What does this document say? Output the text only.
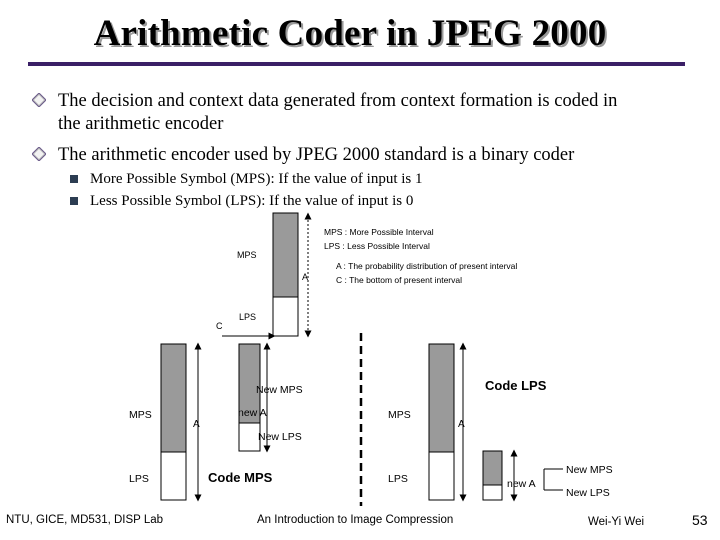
Arithmetic Coder in JPEG 2000
The decision and context data generated from context formation is coded in
the arithmetic encoder
The arithmetic encoder used by JPEG 2000 standard is a binary coder
More Possible Symbol (MPS): If the value of input is 1
Less Possible Symbol (LPS): If the value of input is 0
MPS
LPS
C
A
MPS : More Possible Interval
LPS : Less Possible Interval
A : The probability distribution of present interval
C : The bottom of present interval
MPS
LPS
A
New MPS
new A
New LPS
Code MPS
MPS
LPS
A
Code LPS
new A
New MPS
New LPS
NTU, GICE, MD531, DISP Lab	An Introduction to Image Compression	Wei-Yi Wei	53
